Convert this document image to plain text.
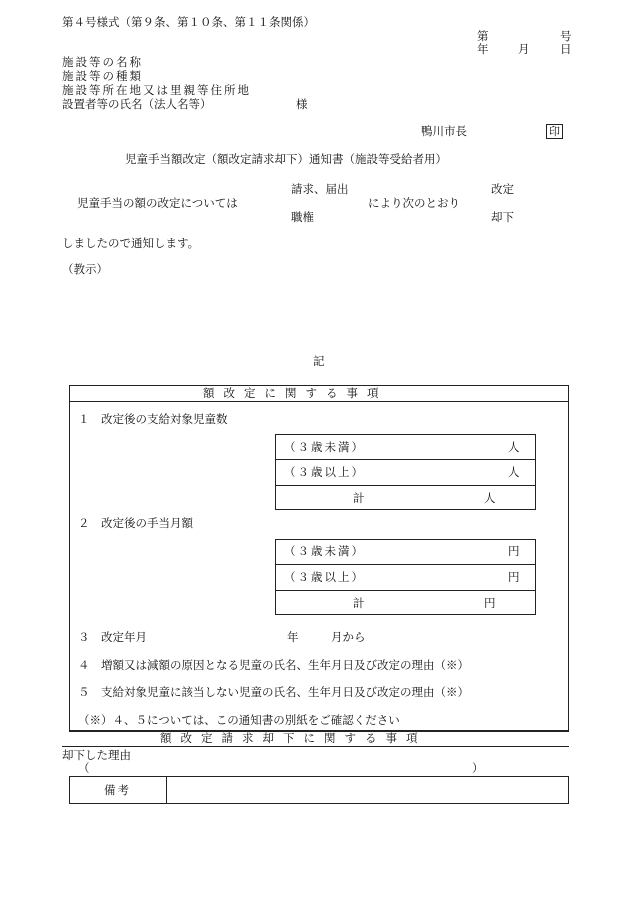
第４号様式（第９条、第１０条、第１１条関係）
第	号
年	月	日
施設等の名称
施設等の種類
施設等所在地又は里親等住所地
設置者等の氏名（法人名等）	様
鴨川市長	印
児童手当額改定（額改定請求却下）通知書（施設等受給者用）
請求、届出	改定
児童手当の額の改定については	により次のとおり
職権	却下
しましたので通知します。
（教示）
記
額改定に関する事項
１　改定後の支給対象児童数
（３歳未満）	人
（３歳以上）	人
計	人
２　改定後の手当月額
（３歳未満）	円
（３歳以上）	円
計	円
３　改定年月	年	月から
４　増額又は減額の原因となる児童の氏名、生年月日及び改定の理由（※）
５　支給対象児童に該当しない児童の氏名、生年月日及び改定の理由（※）
（※）４、５については、この通知書の別紙をご確認ください
額改定請求却下に関する事項
却下した理由
（	）
備考
